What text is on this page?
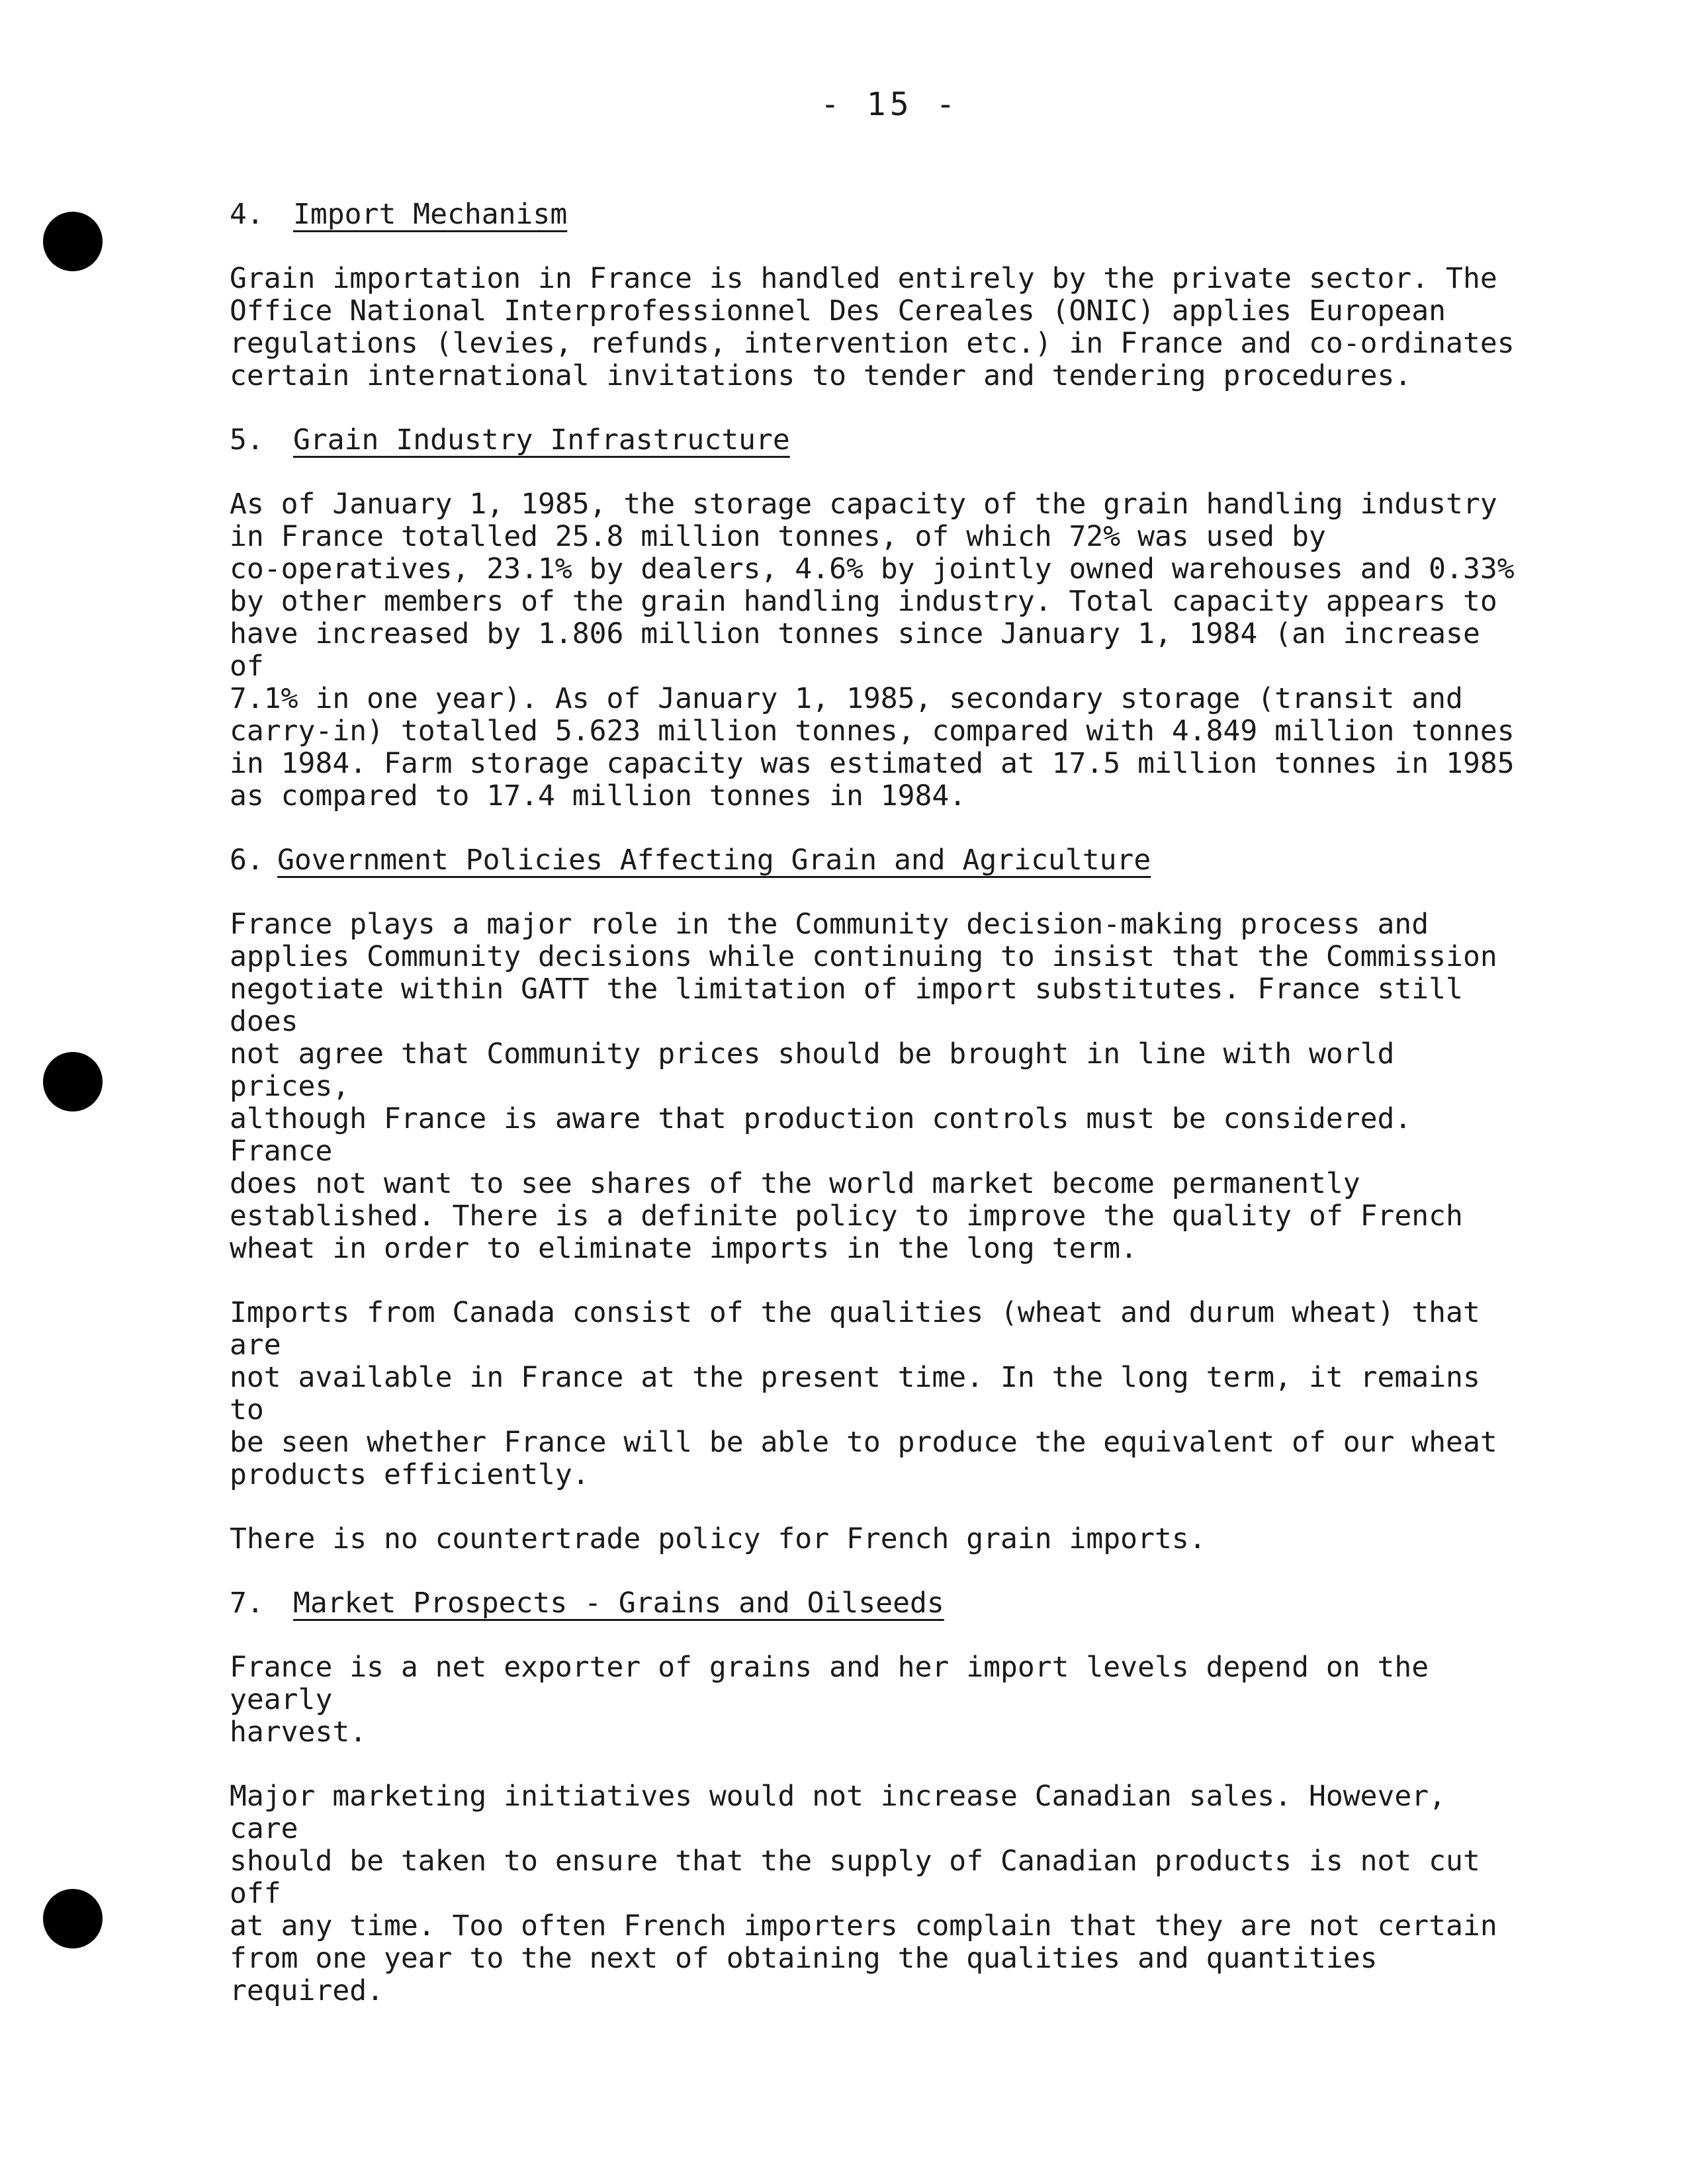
- 15 -

4. Import Mechanism

Grain importation in France is handled entirely by the private sector. The
Office National Interprofessionnel Des Cereales (ONIC) applies European
regulations (levies, refunds, intervention etc.) in France and co-ordinates
certain international invitations to tender and tendering procedures.

5. Grain Industry Infrastructure

As of January 1, 1985, the storage capacity of the grain handling industry
in France totalled 25.8 million tonnes, of which 72% was used by
co-operatives, 23.1% by dealers, 4.6% by jointly owned warehouses and 0.33%
by other members of the grain handling industry. Total capacity appears to
have increased by 1.806 million tonnes since January 1, 1984 (an increase of
7.1% in one year). As of January 1, 1985, secondary storage (transit and
carry-in) totalled 5.623 million tonnes, compared with 4.849 million tonnes
in 1984. Farm storage capacity was estimated at 17.5 million tonnes in 1985
as compared to 17.4 million tonnes in 1984.

6. Government Policies Affecting Grain and Agriculture

France plays a major role in the Community decision-making process and
applies Community decisions while continuing to insist that the Commission
negotiate within GATT the limitation of import substitutes. France still does
not agree that Community prices should be brought in line with world prices,
although France is aware that production controls must be considered. France
does not want to see shares of the world market become permanently
established. There is a definite policy to improve the quality of French
wheat in order to eliminate imports in the long term.

Imports from Canada consist of the qualities (wheat and durum wheat) that are
not available in France at the present time. In the long term, it remains to
be seen whether France will be able to produce the equivalent of our wheat
products efficiently.

There is no countertrade policy for French grain imports.

7. Market Prospects - Grains and Oilseeds

France is a net exporter of grains and her import levels depend on the yearly
harvest.

Major marketing initiatives would not increase Canadian sales. However, care
should be taken to ensure that the supply of Canadian products is not cut off
at any time. Too often French importers complain that they are not certain
from one year to the next of obtaining the qualities and quantities
required.
